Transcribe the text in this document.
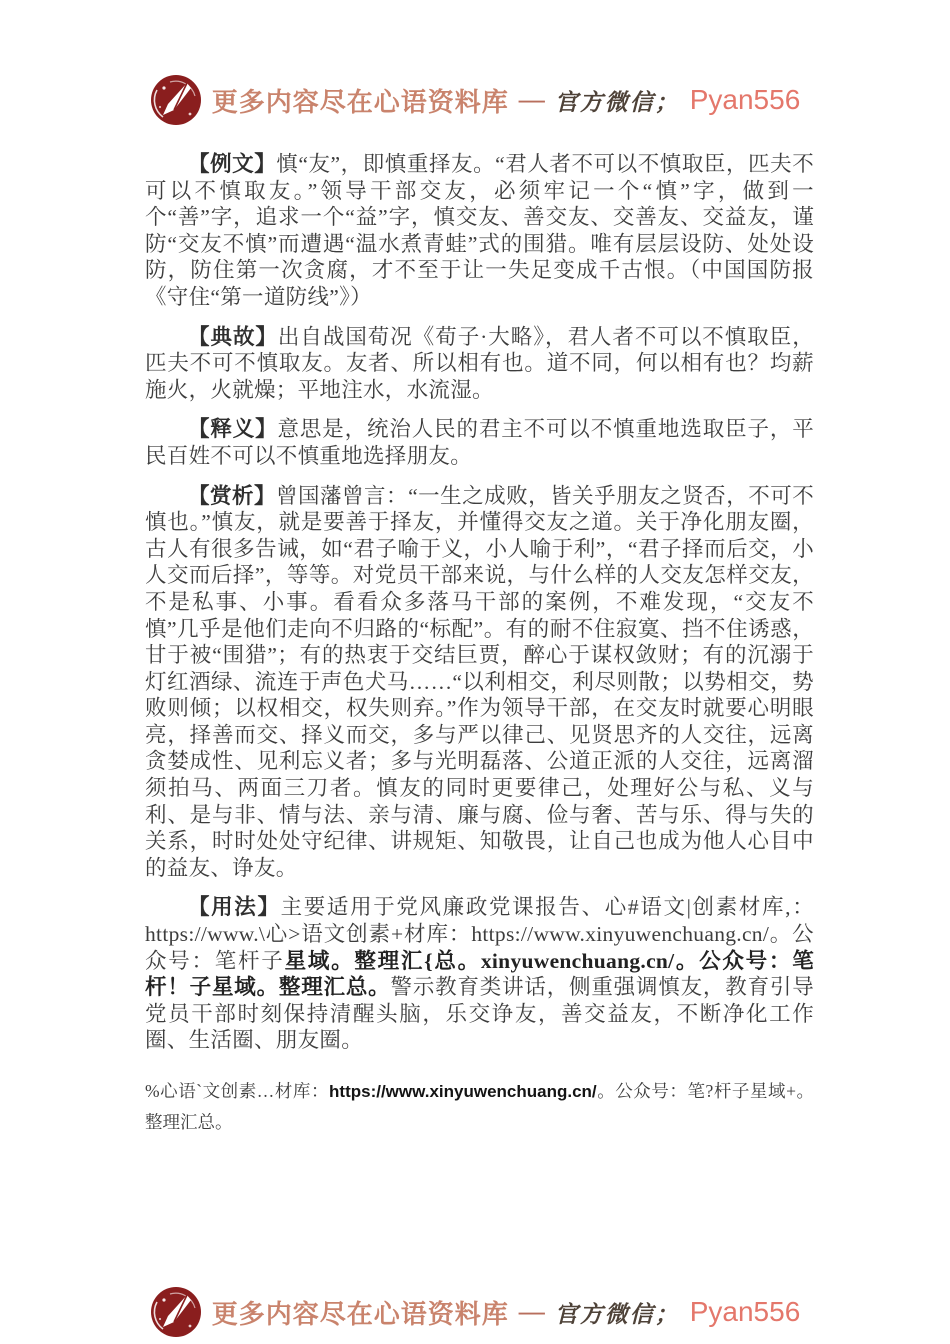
更多内容尽在心语资料库 — 官方微信； Pyan556

【例文】慎“友”，即慎重择友。“君人者不可以不慎取臣，匹夫不可以不慎取友。”领导干部交友，必须牢记一个“慎”字，做到一个“善”字，追求一个“益”字，慎交友、善交友、交善友、交益友，谨防“交友不慎”而遭遇“温水煮青蛙”式的围猎。唯有层层设防、处处设防，防住第一次贪腐，才不至于让一失足变成千古恨。（中国国防报《守住“第一道防线”》）

【典故】出自战国荀况《荀子·大略》，君人者不可以不慎取臣，匹夫不可不慎取友。友者、所以相有也。道不同，何以相有也？均薪施火，火就燥；平地注水，水流湿。

【释义】意思是，统治人民的君主不可以不慎重地选取臣子，平民百姓不可以不慎重地选择朋友。

【赏析】曾国藩曾言：“一生之成败，皆关乎朋友之贤否，不可不慎也。”慎友，就是要善于择友，并懂得交友之道。关于净化朋友圈，古人有很多告诫，如“君子喻于义，小人喻于利”，“君子择而后交，小人交而后择”，等等。对党员干部来说，与什么样的人交友怎样交友，不是私事、小事。看看众多落马干部的案例，不难发现，“交友不慎”几乎是他们走向不归路的“标配”。有的耐不住寂寞、挡不住诱惑，甘于被“围猎”；有的热衷于交结巨贾，醉心于谋权敛财；有的沉溺于灯红酒绿、流连于声色犬马……“以利相交，利尽则散；以势相交，势败则倾；以权相交，权失则弃。”作为领导干部，在交友时就要心明眼亮，择善而交、择义而交，多与严以律己、见贤思齐的人交往，远离贪婪成性、见利忘义者；多与光明磊落、公道正派的人交往，远离溜须拍马、两面三刀者。慎友的同时更要律己，处理好公与私、义与利、是与非、情与法、亲与清、廉与腐、俭与奢、苦与乐、得与失的关系，时时处处守纪律、讲规矩、知敬畏，让自己也成为他人心目中的益友、诤友。

【用法】主要适用于党风廉政党课报告、心#语文|创素材库,：https://www.\心>语文创素+材库：https://www.xinyuwenchuang.cn/。公众号：笔杆子星域。整理汇{总。xinyuwenchuang.cn/。公众号：笔杆！子星域。整理汇总。警示教育类讲话，侧重强调慎友，教育引导党员干部时刻保持清醒头脑，乐交诤友，善交益友，不断净化工作圈、生活圈、朋友圈。

%心语`文创素…材库：https://www.xinyuwenchuang.cn/。公众号：笔?杆子星域+。整理汇总。

更多内容尽在心语资料库 — 官方微信； Pyan556
